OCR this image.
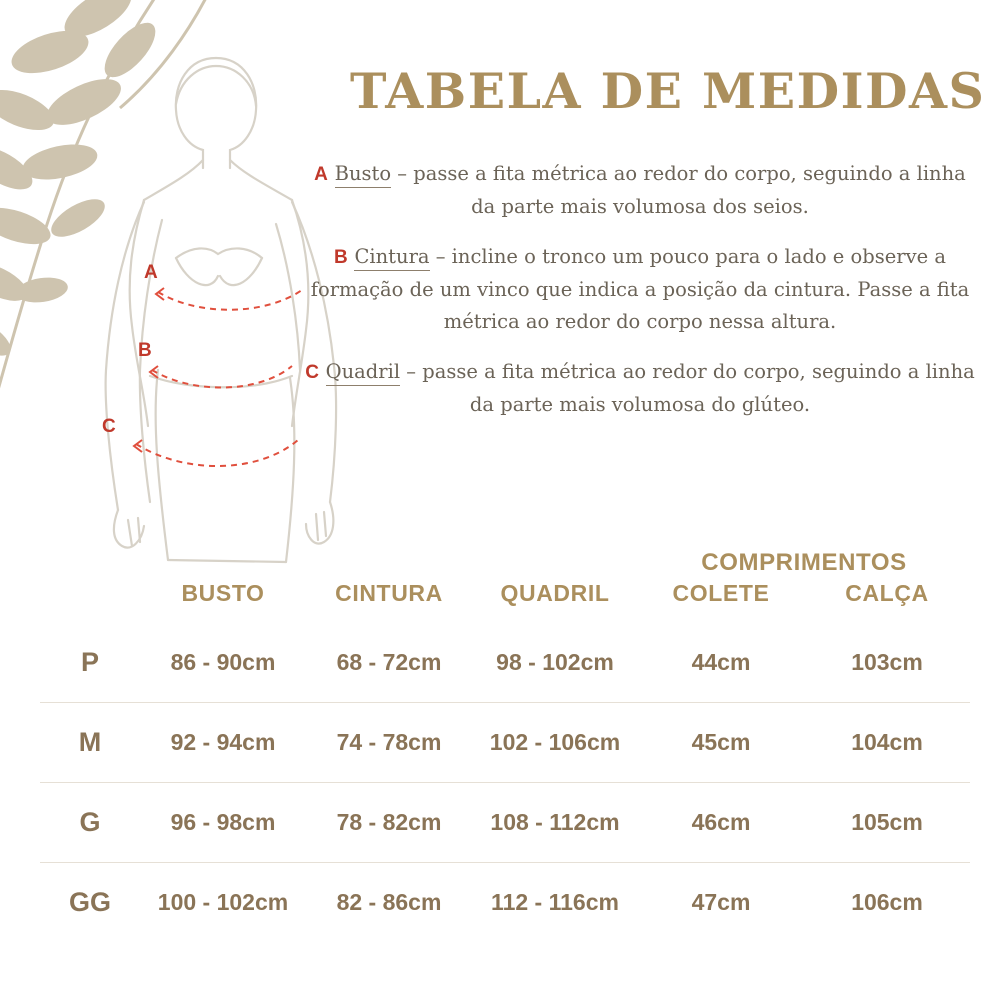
A
B
C
TABELA DE MEDIDAS
A Busto – passe a fita métrica ao redor do corpo, seguindo a linha da parte mais volumosa dos seios.
B Cintura – incline o tronco um pouco para o lado e observe a formação de um vinco que indica a posição da cintura. Passe a fita métrica ao redor do corpo nessa altura.
C Quadril – passe a fita métrica ao redor do corpo, seguindo a linha da parte mais volumosa do glúteo.
				COMPRIMENTOS	
	BUSTO	CINTURA	QUADRIL	COLETE	CALÇA
P	86 - 90cm	68 - 72cm	98 - 102cm	44cm	103cm
M	92 - 94cm	74 - 78cm	102 - 106cm	45cm	104cm
G	96 - 98cm	78 - 82cm	108 - 112cm	46cm	105cm
GG	100 - 102cm	82 - 86cm	112 - 116cm	47cm	106cm
